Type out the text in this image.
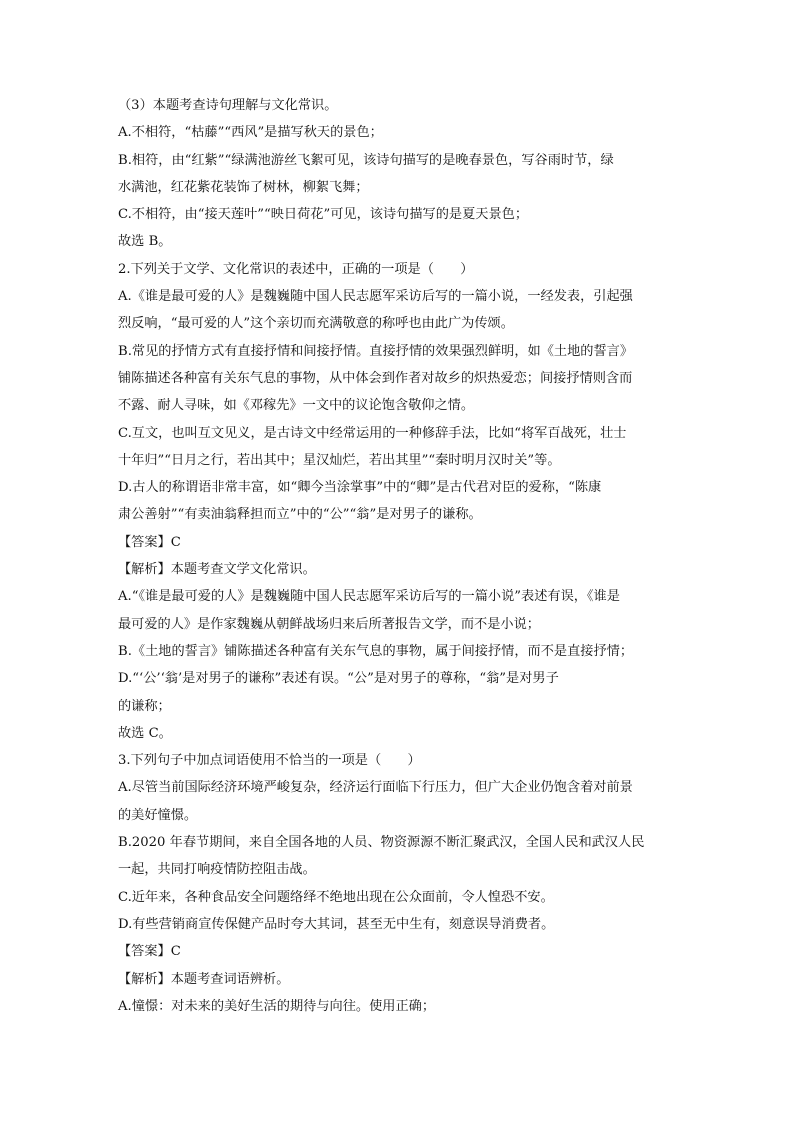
（3）本题考查诗句理解与文化常识。
A.不相符，“枯藤”“西风”是描写秋天的景色；
B.相符，由“红紫”“绿满池游丝飞絮可见，该诗句描写的是晚春景色，写谷雨时节，绿
水满池，红花紫花装饰了树林，柳絮飞舞；
C.不相符，由“接天莲叶”“映日荷花”可见，该诗句描写的是夏天景色；
故选 B。
2.下列关于文学、文化常识的表述中，正确的一项是（　　）
A.《谁是最可爱的人》是魏巍随中国人民志愿军采访后写的一篇小说，一经发表，引起强
烈反响，“最可爱的人”这个亲切而充满敬意的称呼也由此广为传颂。
B.常见的抒情方式有直接抒情和间接抒情。直接抒情的效果强烈鲜明，如《土地的誓言》
铺陈描述各种富有关东气息的事物，从中体会到作者对故乡的炽热爱恋；间接抒情则含而
不露、耐人寻味，如《邓稼先》一文中的议论饱含敬仰之情。
C.互文，也叫互文见义，是古诗文中经常运用的一种修辞手法，比如“将军百战死，壮士
十年归”“日月之行，若出其中；星汉灿烂，若出其里”“秦时明月汉时关”等。
D.古人的称谓语非常丰富，如“卿今当涂掌事”中的“卿”是古代君对臣的爱称，“陈康
肃公善射”“有卖油翁释担而立”中的“公”“翁”是对男子的谦称。
【答案】C
【解析】本题考查文学文化常识。
A.“《谁是最可爱的人》是魏巍随中国人民志愿军采访后写的一篇小说”表述有误，《谁是
最可爱的人》是作家魏巍从朝鲜战场归来后所著报告文学，而不是小说；
B.《土地的誓言》铺陈描述各种富有关东气息的事物，属于间接抒情，而不是直接抒情；
D.“‘公’‘翁’是对男子的谦称”表述有误。“公”是对男子的尊称，“翁”是对男子
的谦称；
故选 C。
3.下列句子中加点词语使用不恰当的一项是（　　）
A.尽管当前国际经济环境严峻复杂，经济运行面临下行压力，但广大企业仍饱含着对前景
的美好憧憬。
B.2020 年春节期间，来自全国各地的人员、物资源源不断汇聚武汉，全国人民和武汉人民
一起，共同打响疫情防控阻击战。
C.近年来，各种食品安全问题络绎不绝地出现在公众面前，令人惶恐不安。
D.有些营销商宣传保健产品时夸大其词，甚至无中生有，刻意误导消费者。
【答案】C
【解析】本题考查词语辨析。
A.憧憬：对未来的美好生活的期待与向往。使用正确；
